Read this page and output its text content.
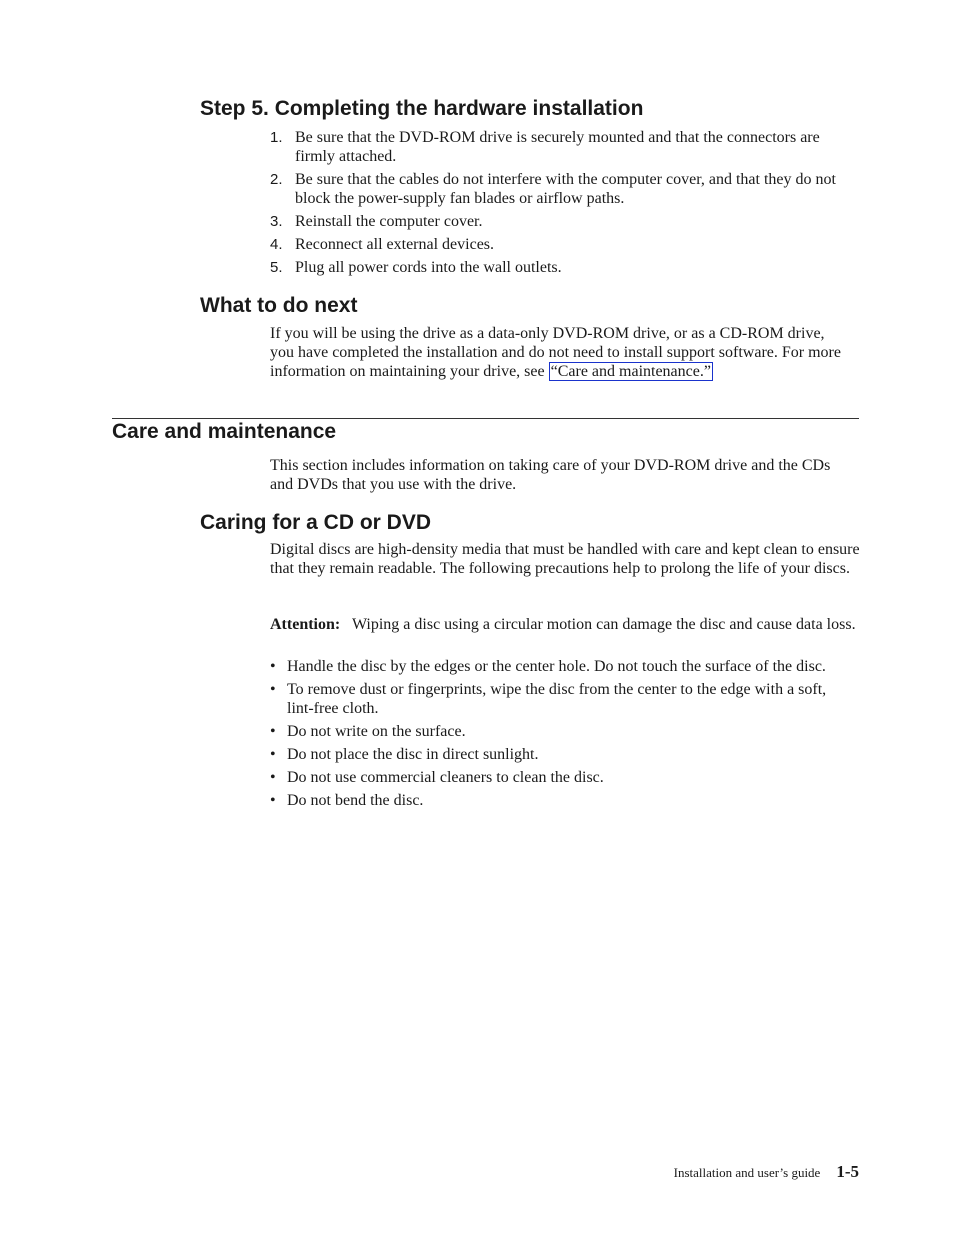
Step 5. Completing the hardware installation
1. Be sure that the DVD-ROM drive is securely mounted and that the connectors are firmly attached.
2. Be sure that the cables do not interfere with the computer cover, and that they do not block the power-supply fan blades or airflow paths.
3. Reinstall the computer cover.
4. Reconnect all external devices.
5. Plug all power cords into the wall outlets.
What to do next

If you will be using the drive as a data-only DVD-ROM drive, or as a CD-ROM drive, you have completed the installation and do not need to install support software. For more information on maintaining your drive, see “Care and maintenance.”

Care and maintenance

This section includes information on taking care of your DVD-ROM drive and the CDs and DVDs that you use with the drive.

Caring for a CD or DVD

Digital discs are high-density media that must be handled with care and kept clean to ensure that they remain readable. The following precautions help to prolong the life of your discs.

Attention: Wiping a disc using a circular motion can damage the disc and cause data loss.

• Handle the disc by the edges or the center hole. Do not touch the surface of the disc.
• To remove dust or fingerprints, wipe the disc from the center to the edge with a soft, lint-free cloth.
• Do not write on the surface.
• Do not place the disc in direct sunlight.
• Do not use commercial cleaners to clean the disc.
• Do not bend the disc.
Installation and user’s guide 1-5
